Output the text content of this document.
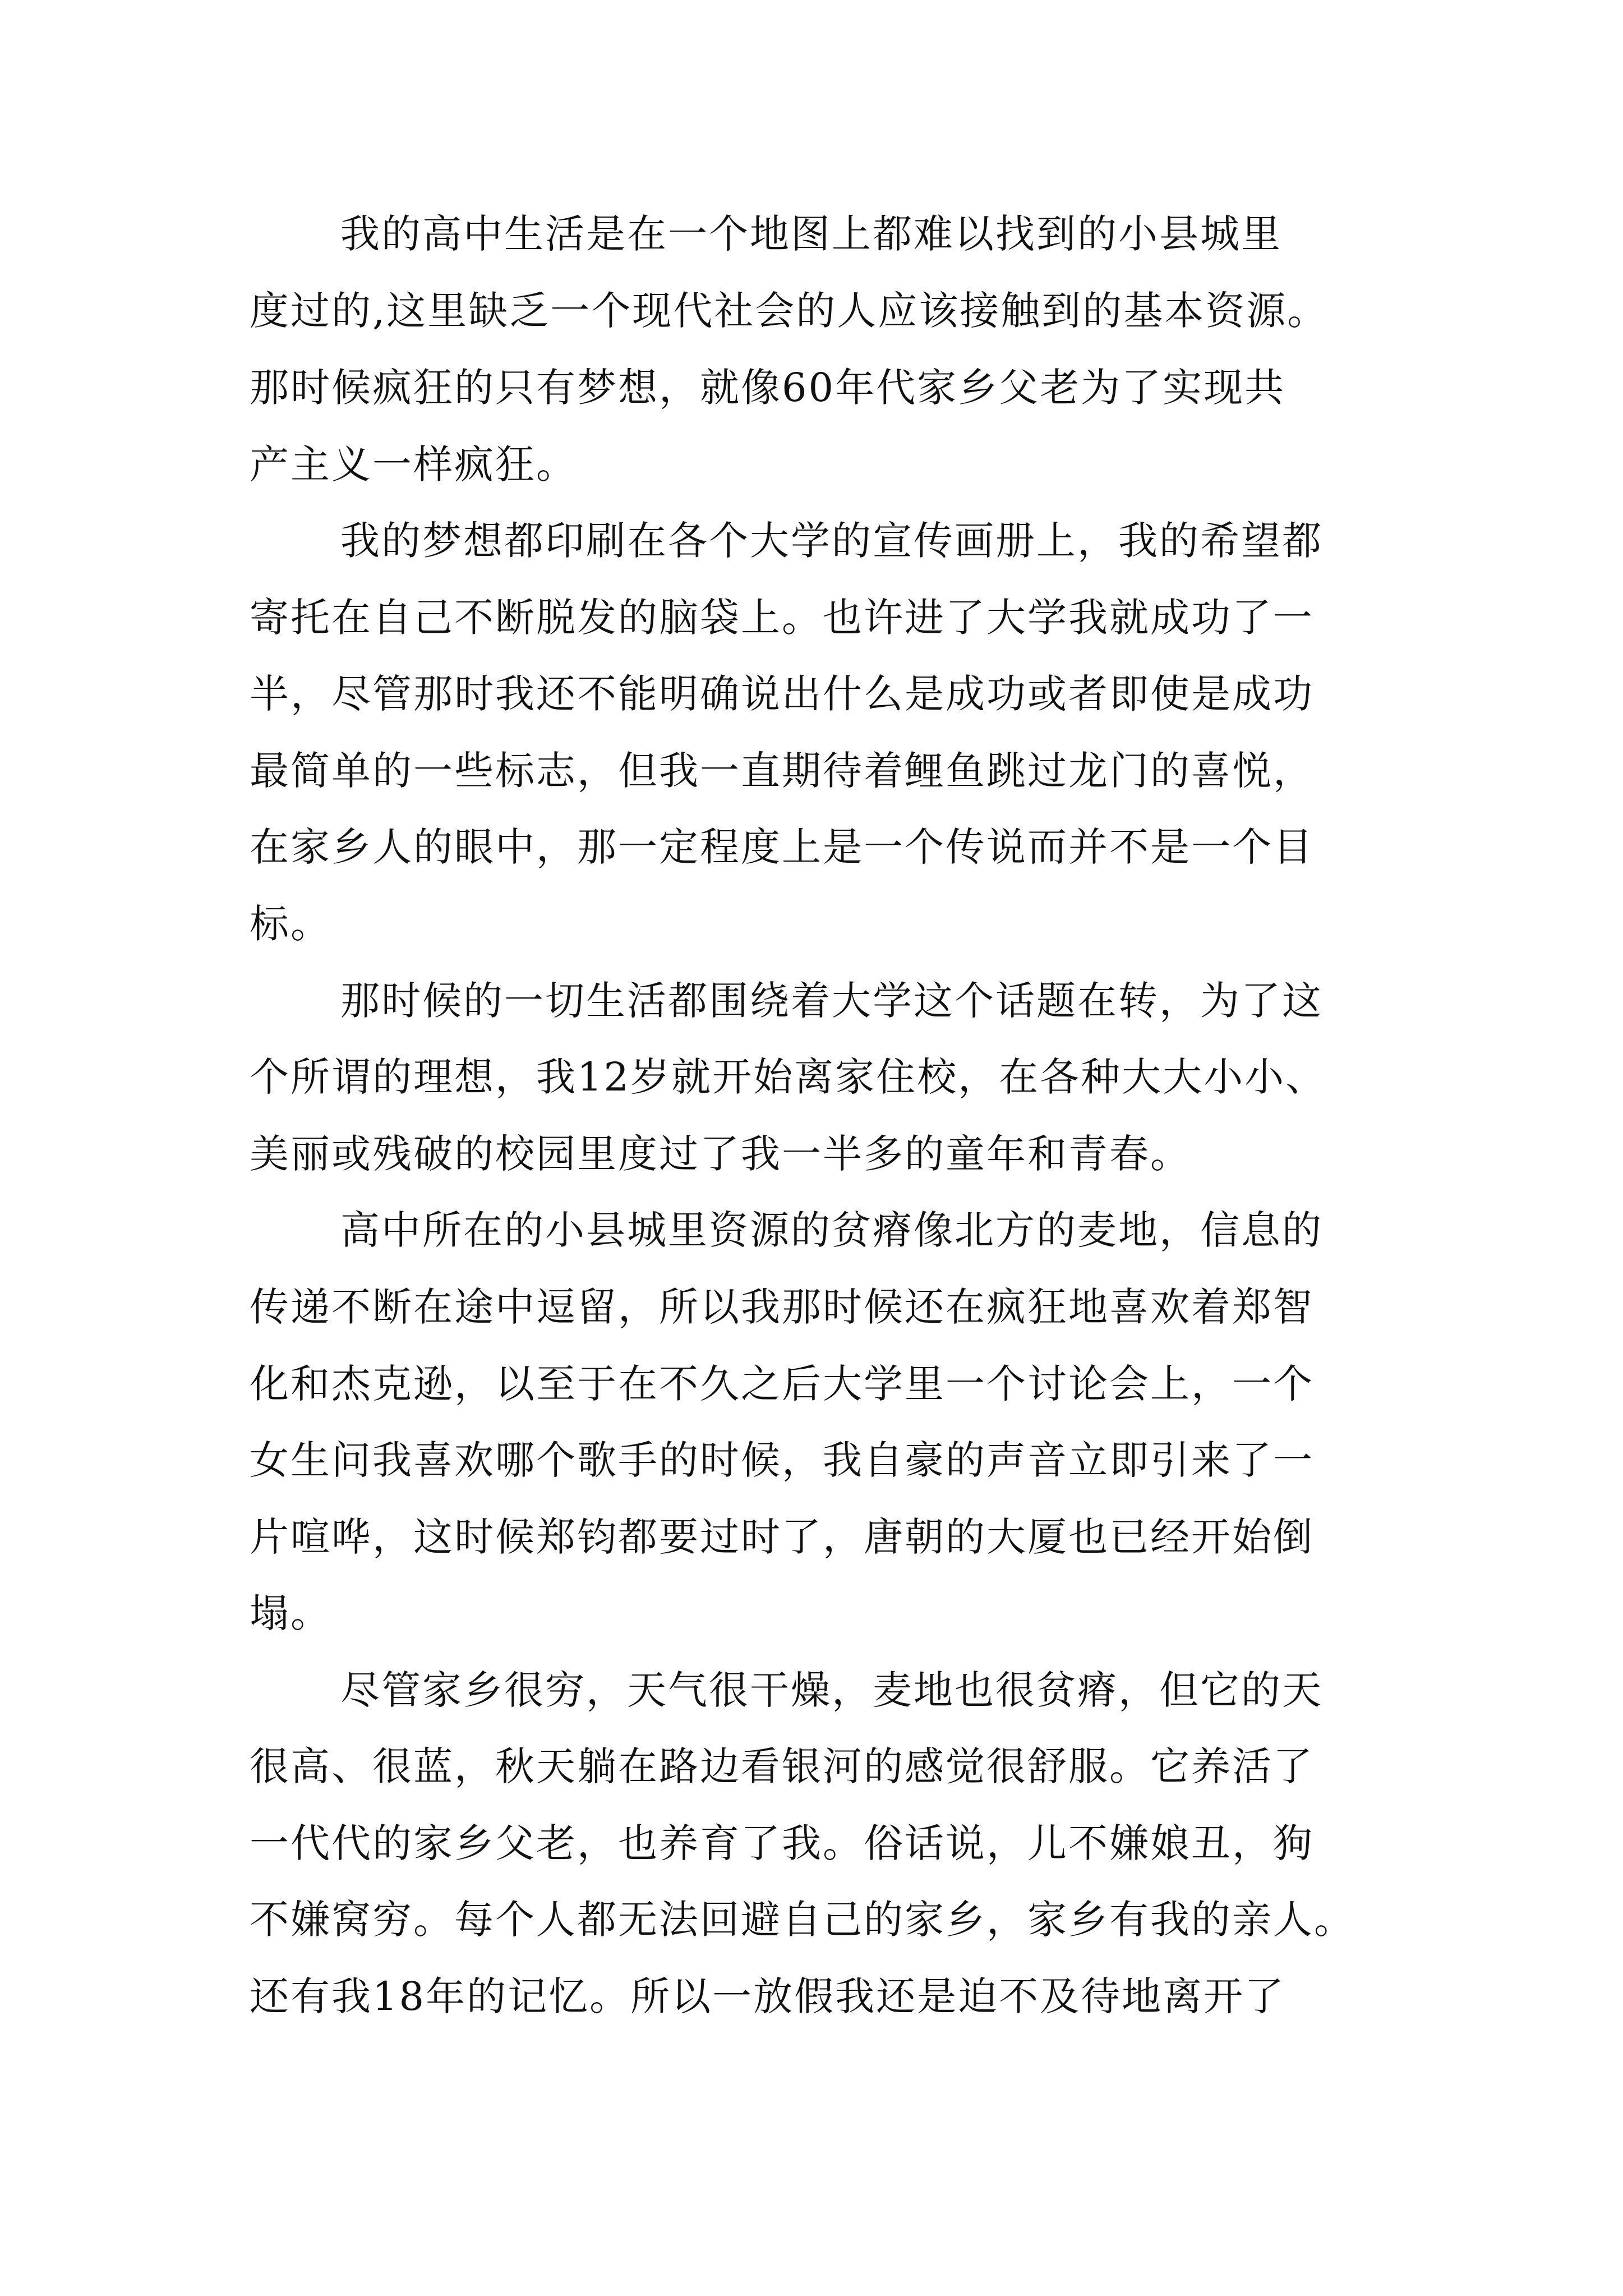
我的高中生活是在一个地图上都难以找到的小县城里

度过的,这里缺乏一个现代社会的人应该接触到的基本资源。

那时候疯狂的只有梦想，就像60年代家乡父老为了实现共

产主义一样疯狂。

我的梦想都印刷在各个大学的宣传画册上，我的希望都

寄托在自己不断脱发的脑袋上。也许进了大学我就成功了一

半，尽管那时我还不能明确说出什么是成功或者即使是成功

最简单的一些标志，但我一直期待着鲤鱼跳过龙门的喜悦，

在家乡人的眼中，那一定程度上是一个传说而并不是一个目

标。

那时候的一切生活都围绕着大学这个话题在转，为了这

个所谓的理想，我12岁就开始离家住校，在各种大大小小、

美丽或残破的校园里度过了我一半多的童年和青春。

高中所在的小县城里资源的贫瘠像北方的麦地，信息的

传递不断在途中逗留，所以我那时候还在疯狂地喜欢着郑智

化和杰克逊，以至于在不久之后大学里一个讨论会上，一个

女生问我喜欢哪个歌手的时候，我自豪的声音立即引来了一

片喧哗，这时候郑钧都要过时了，唐朝的大厦也已经开始倒

塌。

尽管家乡很穷，天气很干燥，麦地也很贫瘠，但它的天

很高、很蓝，秋天躺在路边看银河的感觉很舒服。它养活了

一代代的家乡父老，也养育了我。俗话说，儿不嫌娘丑，狗

不嫌窝穷。每个人都无法回避自己的家乡，家乡有我的亲人。

还有我18年的记忆。所以一放假我还是迫不及待地离开了
